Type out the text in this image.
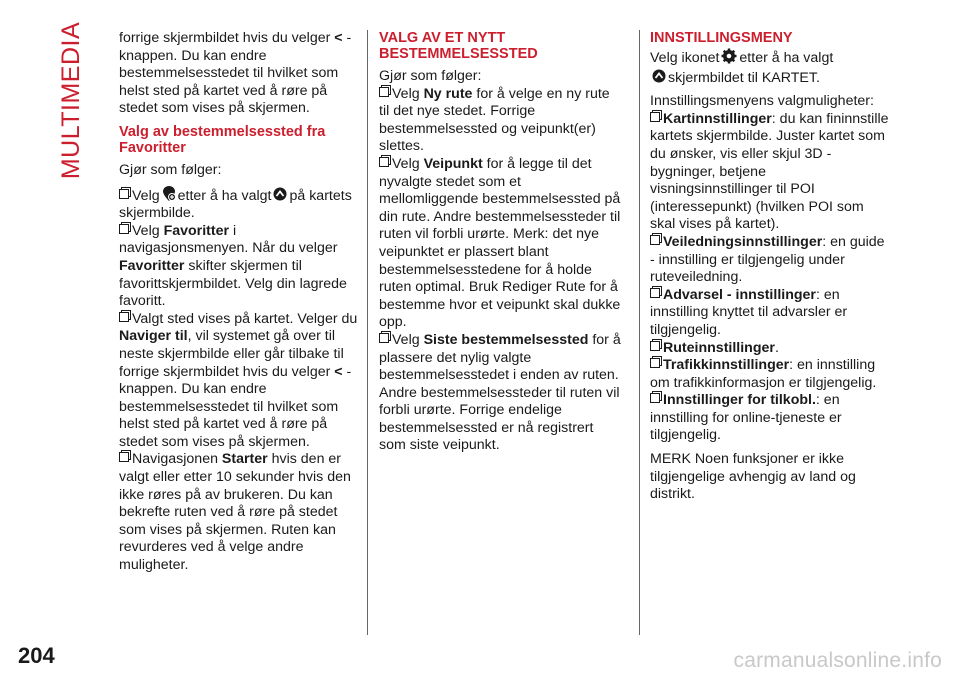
MULTIMEDIA forrige skjermbildet hvis du velger < - knappen. Du kan endre bestemmelsesstedet til hvilket som helst sted på kartet ved å røre på stedet som vises på skjermen.

Valg av bestemmelsessted fra Favoritter

Gjør som følger:

Velg etter å ha valgt på kartets skjermbilde.
Velg Favoritter i navigasjonsmenyen. Når du velger Favoritter skifter skjermen til favorittskjermbildet. Velg din lagrede favoritt.
Valgt sted vises på kartet. Velger du Naviger til, vil systemet gå over til neste skjermbilde eller går tilbake til forrige skjermbildet hvis du velger < - knappen. Du kan endre bestemmelsesstedet til hvilket som helst sted på kartet ved å røre på stedet som vises på skjermen.
Navigasjonen Starter hvis den er valgt eller etter 10 sekunder hvis den ikke røres på av brukeren. Du kan bekrefte ruten ved å røre på stedet som vises på skjermen. Ruten kan revurderes ved å velge andre muligheter.
VALG AV ET NYTT BESTEMMELSESSTED

Gjør som følger:

Velg Ny rute for å velge en ny rute til det nye stedet. Forrige bestemmelsessted og veipunkt(er) slettes.
Velg Veipunkt for å legge til det nyvalgte stedet som et mellomliggende bestemmelsessted på din rute. Andre bestemmelsessteder til ruten vil forbli urørte. Merk: det nye veipunktet er plassert blant bestemmelsesstedene for å holde ruten optimal. Bruk Rediger Rute for å bestemme hvor et veipunkt skal dukke opp.
Velg Siste bestemmelsessted for å plassere det nylig valgte bestemmelsesstedet i enden av ruten. Andre bestemmelsessteder til ruten vil forbli urørte. Forrige endelige bestemmelsessted er nå registrert som siste veipunkt.
INNSTILLINGSMENY

Velg ikonet etter å ha valgt
skjermbildet til KARTET.

Innstillingsmenyens valgmuligheter:

Kartinnstillinger: du kan fininnstille kartets skjermbilde. Juster kartet som du ønsker, vis eller skjul 3D - bygninger, betjene visningsinnstillinger til POI (interessepunkt) (hvilken POI som skal vises på kartet).
Veiledningsinnstillinger: en guide - innstilling er tilgjengelig under ruteveiledning.
Advarsel - innstillinger: en innstilling knyttet til advarsler er tilgjengelig.
Ruteinnstillinger.
Trafikkinnstillinger: en innstilling om trafikkinformasjon er tilgjengelig.
Innstillinger for tilkobl.: en innstilling for online-tjeneste er tilgjengelig.

MERK Noen funksjoner er ikke tilgjengelige avhengig av land og distrikt.

204	carmanualsonline.info
